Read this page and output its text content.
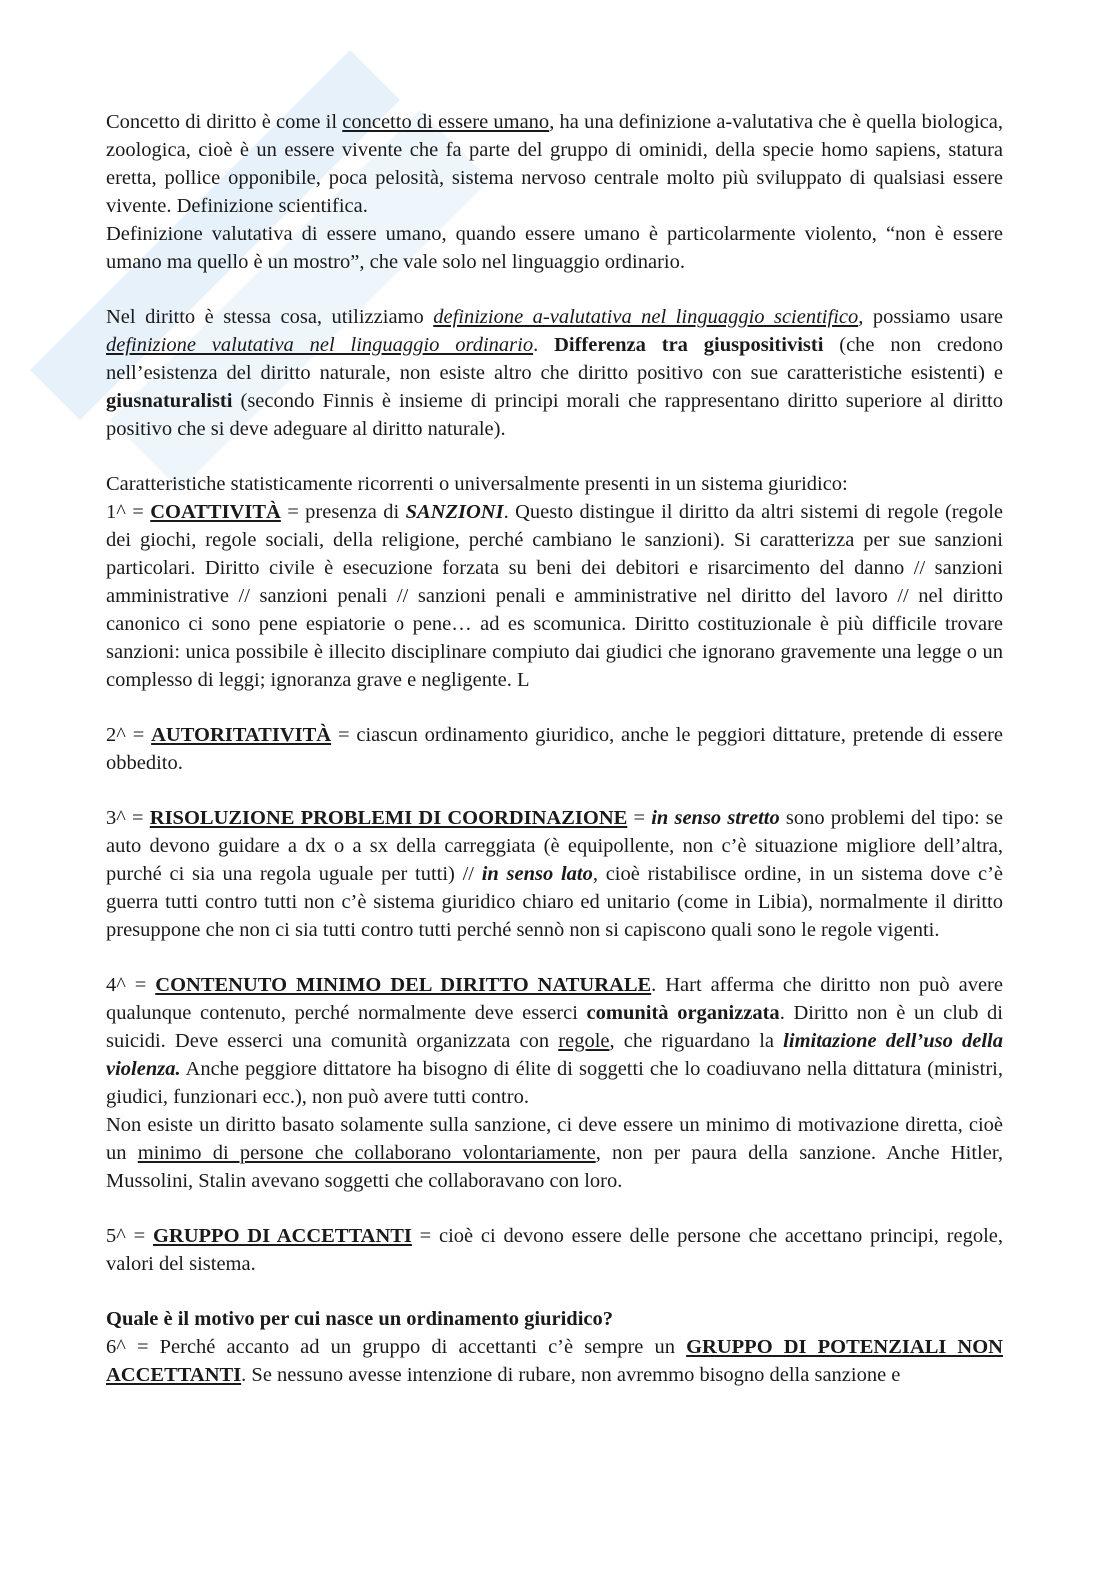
Concetto di diritto è come il concetto di essere umano, ha una definizione a-valutativa che è quella biologica, zoologica, cioè è un essere vivente che fa parte del gruppo di ominidi, della specie homo sapiens, statura eretta, pollice opponibile, poca pelosità, sistema nervoso centrale molto più sviluppato di qualsiasi essere vivente. Definizione scientifica.

Definizione valutativa di essere umano, quando essere umano è particolarmente violento, “non è essere umano ma quello è un mostro”, che vale solo nel linguaggio ordinario.

Nel diritto è stessa cosa, utilizziamo definizione a-valutativa nel linguaggio scientifico, possiamo usare definizione valutativa nel linguaggio ordinario. Differenza tra giuspositivisti (che non credono nell’esistenza del diritto naturale, non esiste altro che diritto positivo con sue caratteristiche esistenti) e giusnaturalisti (secondo Finnis è insieme di principi morali che rappresentano diritto superiore al diritto positivo che si deve adeguare al diritto naturale).

Caratteristiche statisticamente ricorrenti o universalmente presenti in un sistema giuridico:

1^ = COATTIVITÀ = presenza di SANZIONI. Questo distingue il diritto da altri sistemi di regole (regole dei giochi, regole sociali, della religione, perché cambiano le sanzioni). Si caratterizza per sue sanzioni particolari. Diritto civile è esecuzione forzata su beni dei debitori e risarcimento del danno // sanzioni amministrative // sanzioni penali // sanzioni penali e amministrative nel diritto del lavoro // nel diritto canonico ci sono pene espiatorie o pene… ad es scomunica. Diritto costituzionale è più difficile trovare sanzioni: unica possibile è illecito disciplinare compiuto dai giudici che ignorano gravemente una legge o un complesso di leggi; ignoranza grave e negligente. L

2^ = AUTORITATIVITÀ = ciascun ordinamento giuridico, anche le peggiori dittature, pretende di essere obbedito.

3^ = RISOLUZIONE PROBLEMI DI COORDINAZIONE = in senso stretto sono problemi del tipo: se auto devono guidare a dx o a sx della carreggiata (è equipollente, non c’è situazione migliore dell’altra, purché ci sia una regola uguale per tutti) // in senso lato, cioè ristabilisce ordine, in un sistema dove c’è guerra tutti contro tutti non c’è sistema giuridico chiaro ed unitario (come in Libia), normalmente il diritto presuppone che non ci sia tutti contro tutti perché sennò non si capiscono quali sono le regole vigenti.

4^ = CONTENUTO MINIMO DEL DIRITTO NATURALE. Hart afferma che diritto non può avere qualunque contenuto, perché normalmente deve esserci comunità organizzata. Diritto non è un club di suicidi. Deve esserci una comunità organizzata con regole, che riguardano la limitazione dell’uso della violenza. Anche peggiore dittatore ha bisogno di élite di soggetti che lo coadiuvano nella dittatura (ministri, giudici, funzionari ecc.), non può avere tutti contro.

Non esiste un diritto basato solamente sulla sanzione, ci deve essere un minimo di motivazione diretta, cioè un minimo di persone che collaborano volontariamente, non per paura della sanzione. Anche Hitler, Mussolini, Stalin avevano soggetti che collaboravano con loro.

5^ = GRUPPO DI ACCETTANTI = cioè ci devono essere delle persone che accettano principi, regole, valori del sistema.

Quale è il motivo per cui nasce un ordinamento giuridico?

6^ = Perché accanto ad un gruppo di accettanti c’è sempre un GRUPPO DI POTENZIALI NON ACCETTANTI. Se nessuno avesse intenzione di rubare, non avremmo bisogno della sanzione e
